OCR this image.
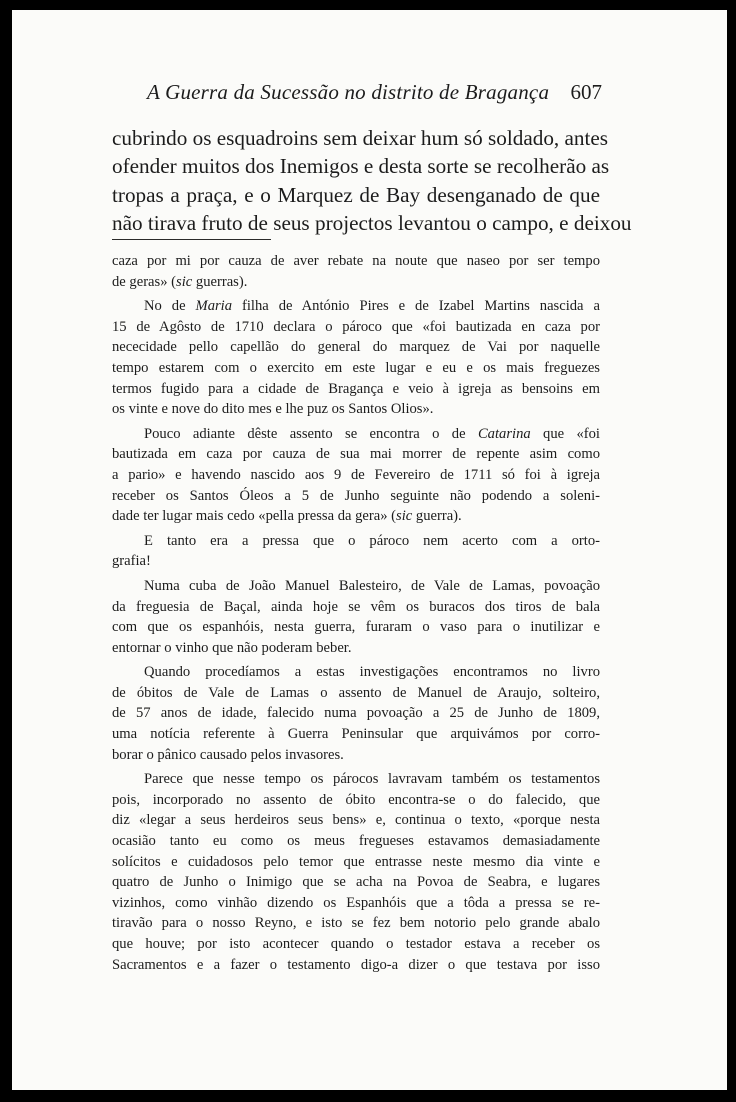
A Guerra da Sucessão no distrito de Bragança 607
cubrindo os esquadroins sem deixar hum só soldado, antes
ofender muitos dos Inemigos e desta sorte se recolherão as
tropas a praça, e o Marquez de Bay desenganado de que
não tirava fruto de seus projectos levantou o campo, e deixou
caza por mi por cauza de aver rebate na noute que naseo por ser tempo
de geras» (sic guerras).
No de Maria filha de António Pires e de Izabel Martins nascida a
15 de Agôsto de 1710 declara o pároco que «foi bautizada en caza por
nececidade pello capellão do general do marquez de Vai por naquelle
tempo estarem com o exercito em este lugar e eu e os mais freguezes
termos fugido para a cidade de Bragança e veio à igreja as bensoins em
os vinte e nove do dito mes e lhe puz os Santos Olios».
Pouco adiante dêste assento se encontra o de Catarina que «foi
bautizada em caza por cauza de sua mai morrer de repente asim como
a pario» e havendo nascido aos 9 de Fevereiro de 1711 só foi à igreja
receber os Santos Óleos a 5 de Junho seguinte não podendo a soleni-
dade ter lugar mais cedo «pella pressa da gera» (sic guerra).
E tanto era a pressa que o pároco nem acerto com a orto-
grafia!
Numa cuba de João Manuel Balesteiro, de Vale de Lamas, povoação
da freguesia de Baçal, ainda hoje se vêm os buracos dos tiros de bala
com que os espanhóis, nesta guerra, furaram o vaso para o inutilizar e
entornar o vinho que não poderam beber.
Quando procedíamos a estas investigações encontramos no livro
de óbitos de Vale de Lamas o assento de Manuel de Araujo, solteiro,
de 57 anos de idade, falecido numa povoação a 25 de Junho de 1809,
uma notícia referente à Guerra Peninsular que arquivámos por corro-
borar o pânico causado pelos invasores.
Parece que nesse tempo os párocos lavravam também os testamentos
pois, incorporado no assento de óbito encontra-se o do falecido, que
diz «legar a seus herdeiros seus bens» e, continua o texto, «porque nesta
ocasião tanto eu como os meus fregueses estavamos demasiadamente
solícitos e cuidadosos pelo temor que entrasse neste mesmo dia vinte e
quatro de Junho o Inimigo que se acha na Povoa de Seabra, e lugares
vizinhos, como vinhão dizendo os Espanhóis que a tôda a pressa se re-
tiravão para o nosso Reyno, e isto se fez bem notorio pelo grande abalo
que houve; por isto acontecer quando o testador estava a receber os
Sacramentos e a fazer o testamento digo-a dizer o que testava por isso
